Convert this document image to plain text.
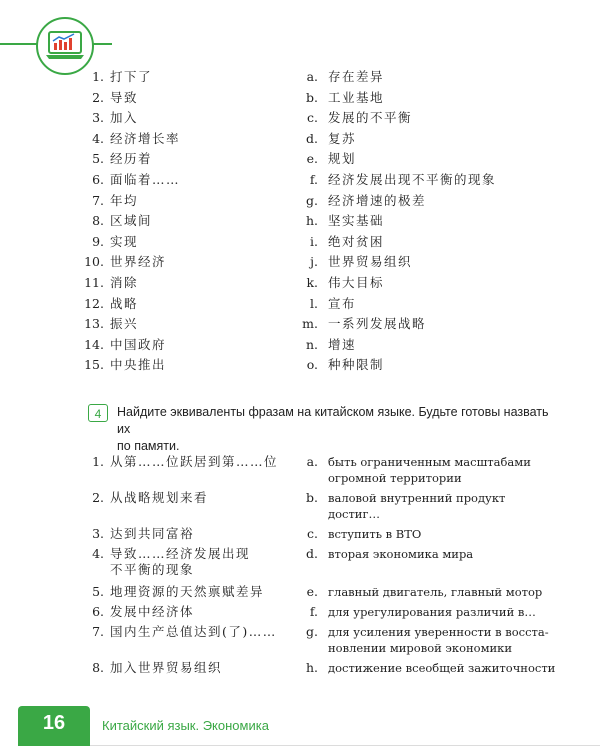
1. 打下了
2. 导致
3. 加入
4. 经济增长率
5. 经历着
6. 面临着……
7. 年均
8. 区域间
9. 实现
10. 世界经济
11. 消除
12. 战略
13. 振兴
14. 中国政府
15. 中央推出
a. 存在差异
b. 工业基地
c. 发展的不平衡
d. 复苏
e. 规划
f. 经济发展出现不平衡的现象
g. 经济增速的极差
h. 坚实基础
i. 绝对贫困
j. 世界贸易组织
k. 伟大目标
l. 宣布
m. 一系列发展战略
n. 增速
o. 种种限制
4	Найдите эквиваленты фразам на китайском языке. Будьте готовы назвать их
по памяти.
1. 从第……位跃居到第……位
2. 从战略规划来看
3. 达到共同富裕
4. 导致……经济发展出现
不平衡的现象
5. 地理资源的天然禀赋差异
6. 发展中经济体
7. 国内生产总值达到(了)……
8. 加入世界贸易组织
a. быть ограниченным масштабами
огромной территории
b. валовой внутренний продукт
достиг…
c. вступить в ВТО
d. вторая экономика мира
e. главный двигатель, главный мотор
f. для урегулирования различий в…
g. для усиления уверенности в восста-
новлении мировой экономики
h. достижение всеобщей зажиточности
16	Китайский язык. Экономика
